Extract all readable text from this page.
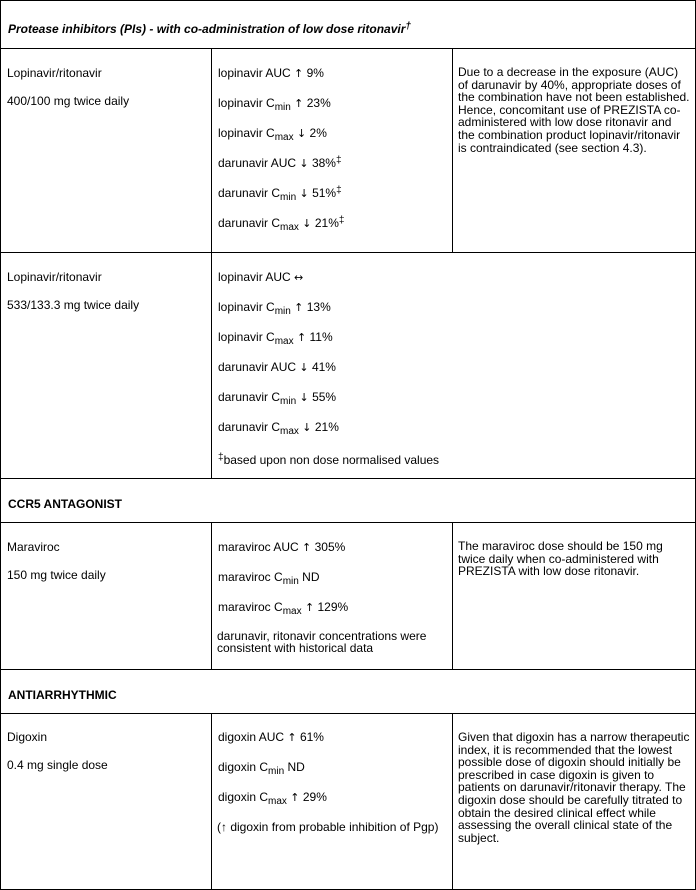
Protease inhibitors (PIs) - with co-administration of low dose ritonavir†
Lopinavir/ritonavir
400/100 mg twice daily
lopinavir AUC ↑ 9%
lopinavir $C_{min}$ ↑ 23%
lopinavir $C_{max}$ ↓ 2%
darunavir AUC ↓ 38%‡
darunavir $C_{min}$ ↓ 51%‡
darunavir $C_{max}$ ↓ 21%‡
Due to a decrease in the exposure (AUC) of darunavir by 40%, appropriate doses of the combination have not been established. Hence, concomitant use of PREZISTA co-administered with low dose ritonavir and the combination product lopinavir/ritonavir is contraindicated (see section 4.3).
Lopinavir/ritonavir
533/133.3 mg twice daily
lopinavir AUC ↔
lopinavir $C_{min}$ ↑ 13%
lopinavir $C_{max}$ ↑ 11%
darunavir AUC ↓ 41%
darunavir $C_{min}$ ↓ 55%
darunavir $C_{max}$ ↓ 21%
‡based upon non dose normalised values
CCR5 ANTAGONIST
Maraviroc
150 mg twice daily
maraviroc AUC ↑ 305%
maraviroc $C_{min}$ ND
maraviroc $C_{max}$ ↑ 129%
darunavir, ritonavir concentrations were consistent with historical data
The maraviroc dose should be 150 mg twice daily when co-administered with PREZISTA with low dose ritonavir.
ANTIARRHYTHMIC
Digoxin
0.4 mg single dose
digoxin AUC ↑ 61%
digoxin $C_{min}$ ND
digoxin $C_{max}$ ↑ 29%
(↑ digoxin from probable inhibition of Pgp)
Given that digoxin has a narrow therapeutic index, it is recommended that the lowest possible dose of digoxin should initially be prescribed in case digoxin is given to patients on darunavir/ritonavir therapy. The digoxin dose should be carefully titrated to obtain the desired clinical effect while assessing the overall clinical state of the subject.
